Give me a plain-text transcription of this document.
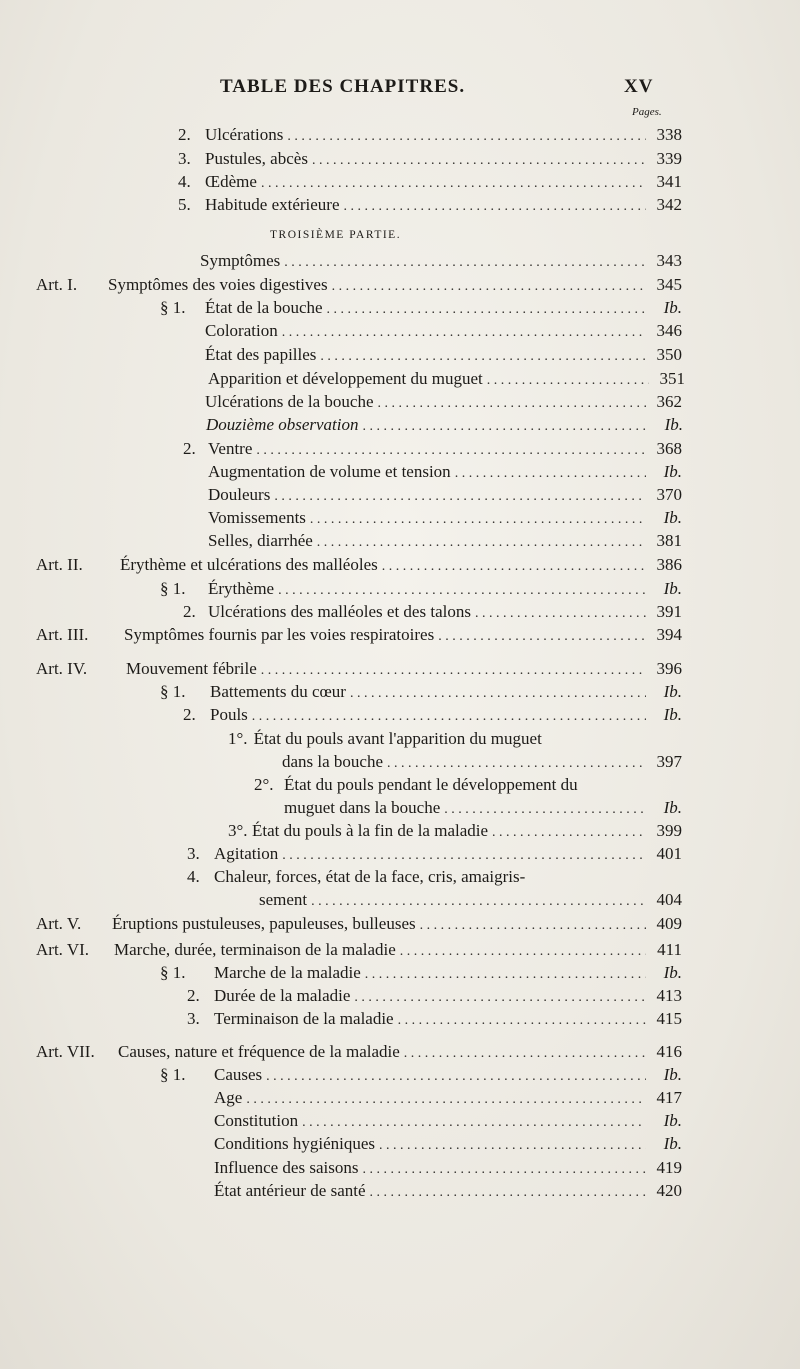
TABLE DES CHAPITRES.	XV
Pages.
TROISIÈME PARTIE.
2. Ulcérations . . .	338
3. Pustules, abcès . . .	339
4. Œdème . . .	341
5. Habitude extérieure . . .	342
Symptômes . . .	343
Art. I.	Symptômes des voies digestives . . .	345
§ 1.	État de la bouche . . .	Ib.
Coloration . . .	346
État des papilles . . .	350
Apparition et développement du muguet . . .	351
Ulcérations de la bouche . . .	362
Douzième observation . . .	Ib.
2. Ventre . . .	368
Augmentation de volume et tension . . .	Ib.
Douleurs . . .	370
Vomissements . . .	Ib.
Selles, diarrhée . . .	381
Art. II.	Érythème et ulcérations des malléoles . . .	386
§ 1.	Érythème . . .	Ib.
2. Ulcérations des malléoles et des talons . . .	391
Art. III.	Symptômes fournis par les voies respiratoires . . .	394
Art. IV.	Mouvement fébrile . . .	396
§ 1.	Battements du cœur . . .	Ib.
2. Pouls . . .	Ib.
1°. État du pouls avant l'apparition du muguet
dans la bouche . . .	397
2°. État du pouls pendant le développement du
muguet dans la bouche . . .	Ib.
3°. État du pouls à la fin de la maladie . . .	399
3. Agitation . . .	401
4. Chaleur, forces, état de la face, cris, amaigris-
sement . . .	404
Art. V.	Éruptions pustuleuses, papuleuses, bulleuses . . .	409
Art. VI.	Marche, durée, terminaison de la maladie . . .	411
§ 1.	Marche de la maladie . . .	Ib.
2. Durée de la maladie . . .	413
3. Terminaison de la maladie . . .	415
Art. VII.	Causes, nature et fréquence de la maladie . . .	416
§ 1.	Causes . . .	Ib.
Age . . .	417
Constitution . . .	Ib.
Conditions hygiéniques . . .	Ib.
Influence des saisons . . .	419
État antérieur de santé . . .	420
